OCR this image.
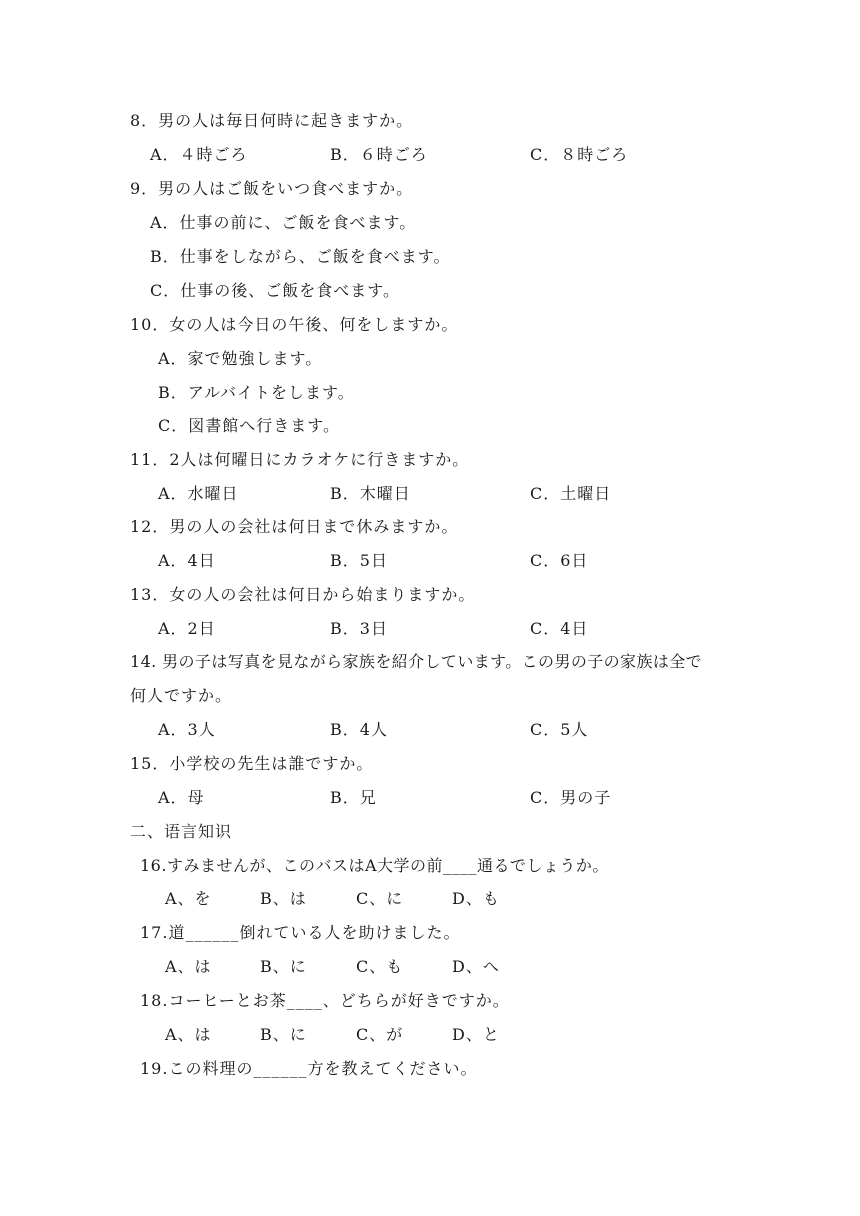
8．男の人は毎日何時に起きますか。
A．４時ごろ	B．６時ごろ	C．８時ごろ
9．男の人はご飯をいつ食べますか。
A．仕事の前に、ご飯を食べます。
B．仕事をしながら、ご飯を食べます。
C．仕事の後、ご飯を食べます。
10．女の人は今日の午後、何をしますか。
A．家で勉強します。
B．アルバイトをします。
C．図書館へ行きます。
11．2人は何曜日にカラオケに行きますか。
A．水曜日	B．木曜日	C．土曜日
12．男の人の会社は何日まで休みますか。
A．4日	B．5日	C．6日
13．女の人の会社は何日から始まりますか。
A．2日	B．3日	C．4日
14. 男の子は写真を見ながら家族を紹介しています。この男の子の家族は全で
何人ですか。
A．3人	B．4人	C．5人
15．小学校の先生は誰ですか。
A．母	B．兄	C．男の子
二、语言知识
16.すみませんが、このバスはA大学の前____通るでしょうか。
A、を	B、は	C、に	D、も
17.道______倒れている人を助けました。
A、は	B、に	C、も	D、へ
18.コーヒーとお茶____、どちらが好きですか。
A、は	B、に	C、が	D、と
19.この料理の______方を教えてください。
